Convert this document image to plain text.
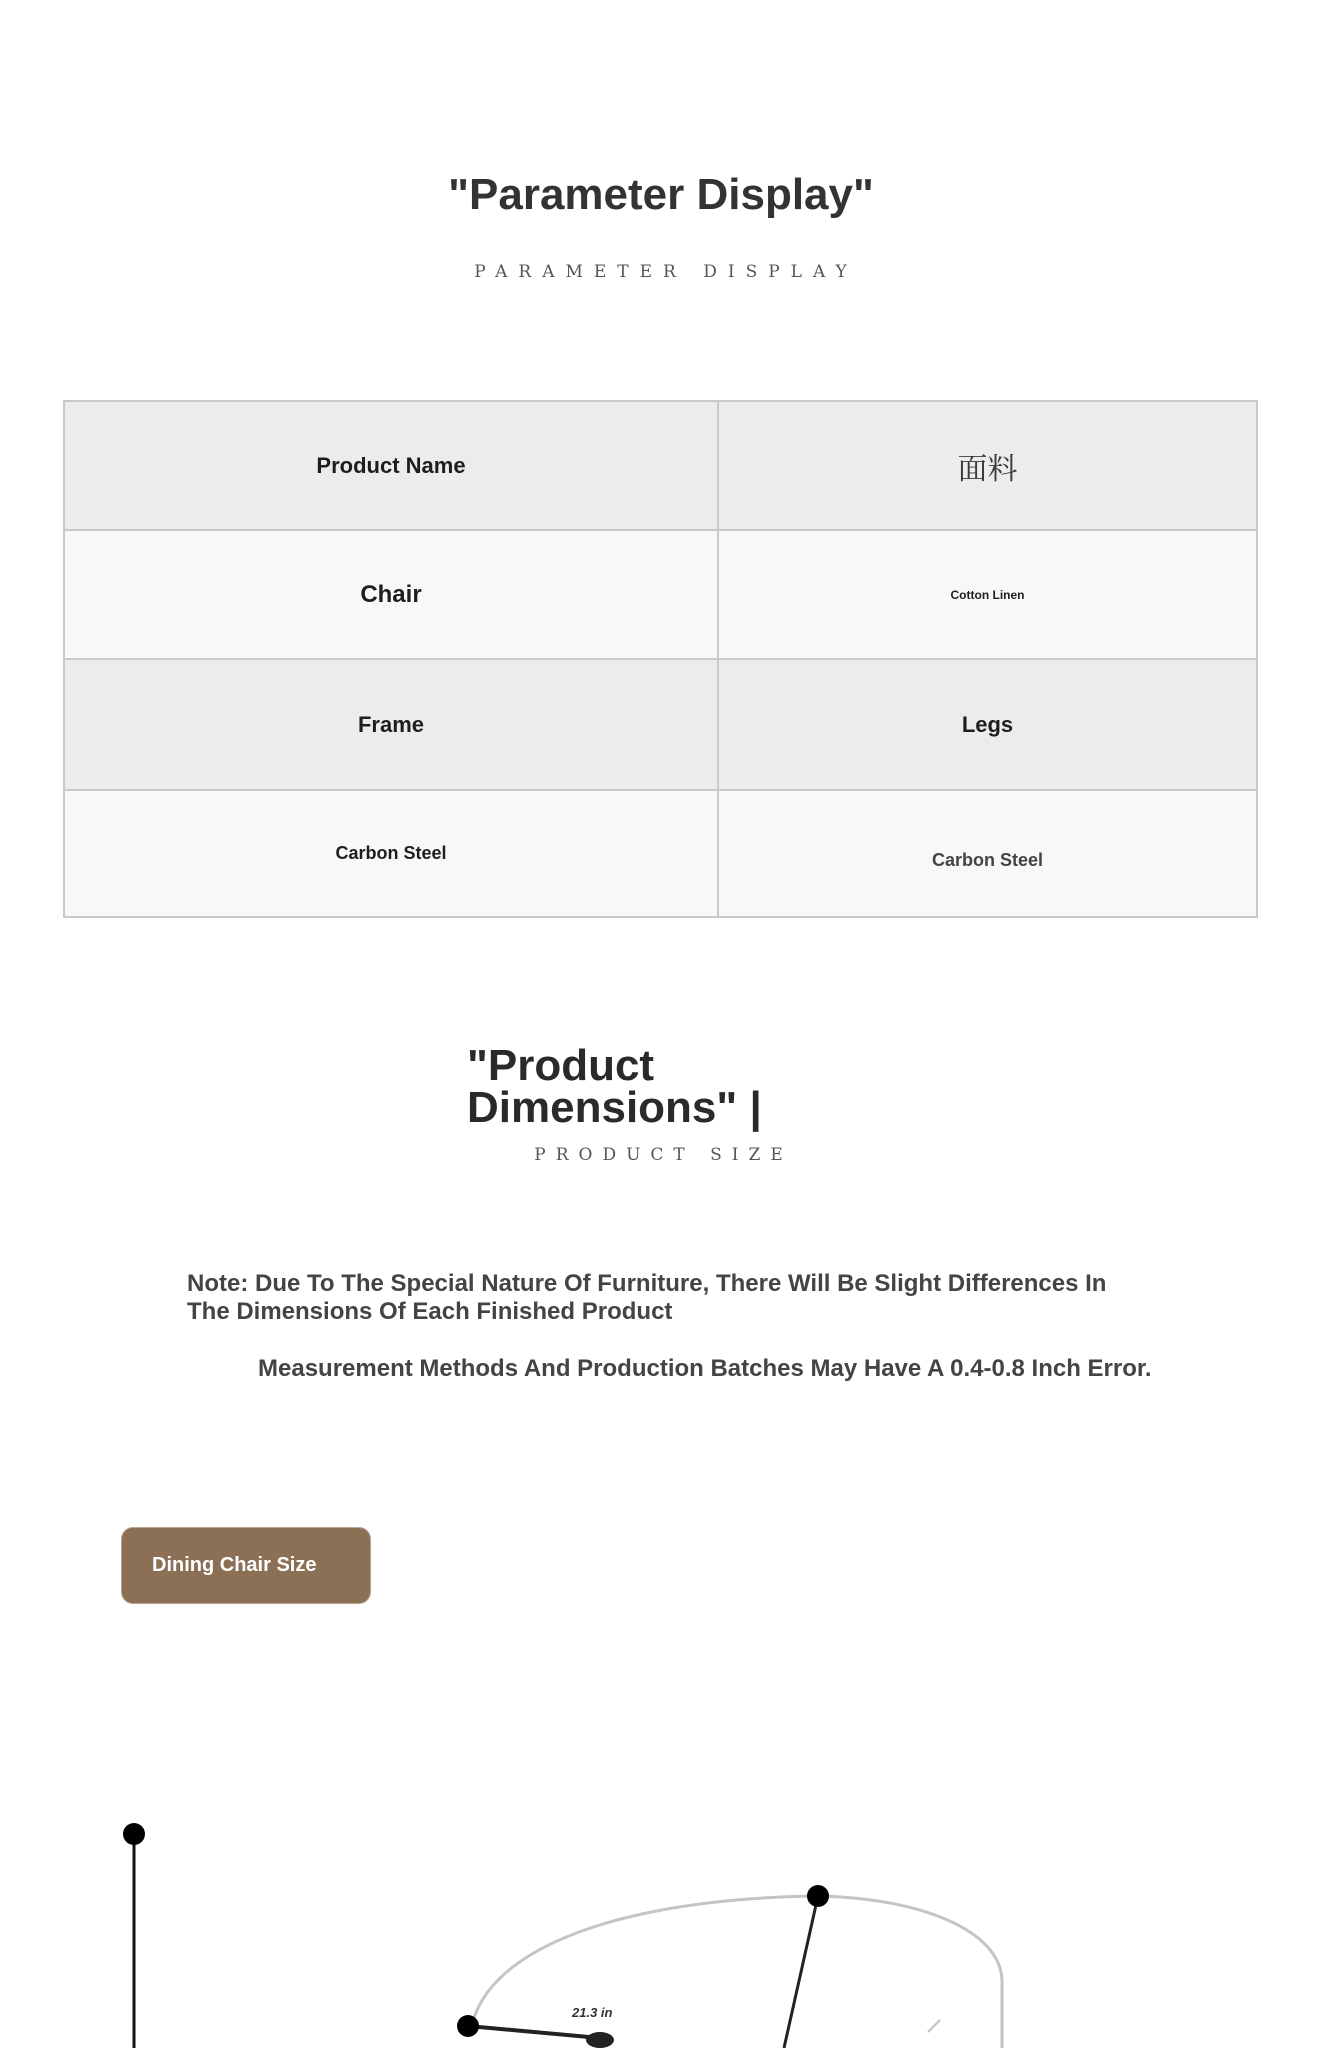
"Parameter Display"
PARAMETER DISPLAY
Product Name	面料
Chair	Cotton Linen
Frame	Legs
Carbon Steel	Carbon Steel
"Product Dimensions" |
PRODUCT SIZE
Note: Due To The Special Nature Of Furniture, There Will Be Slight Differences In The Dimensions Of Each Finished Product
Measurement Methods And Production Batches May Have A 0.4-0.8 Inch Error.
Dining Chair Size
21.3 in
